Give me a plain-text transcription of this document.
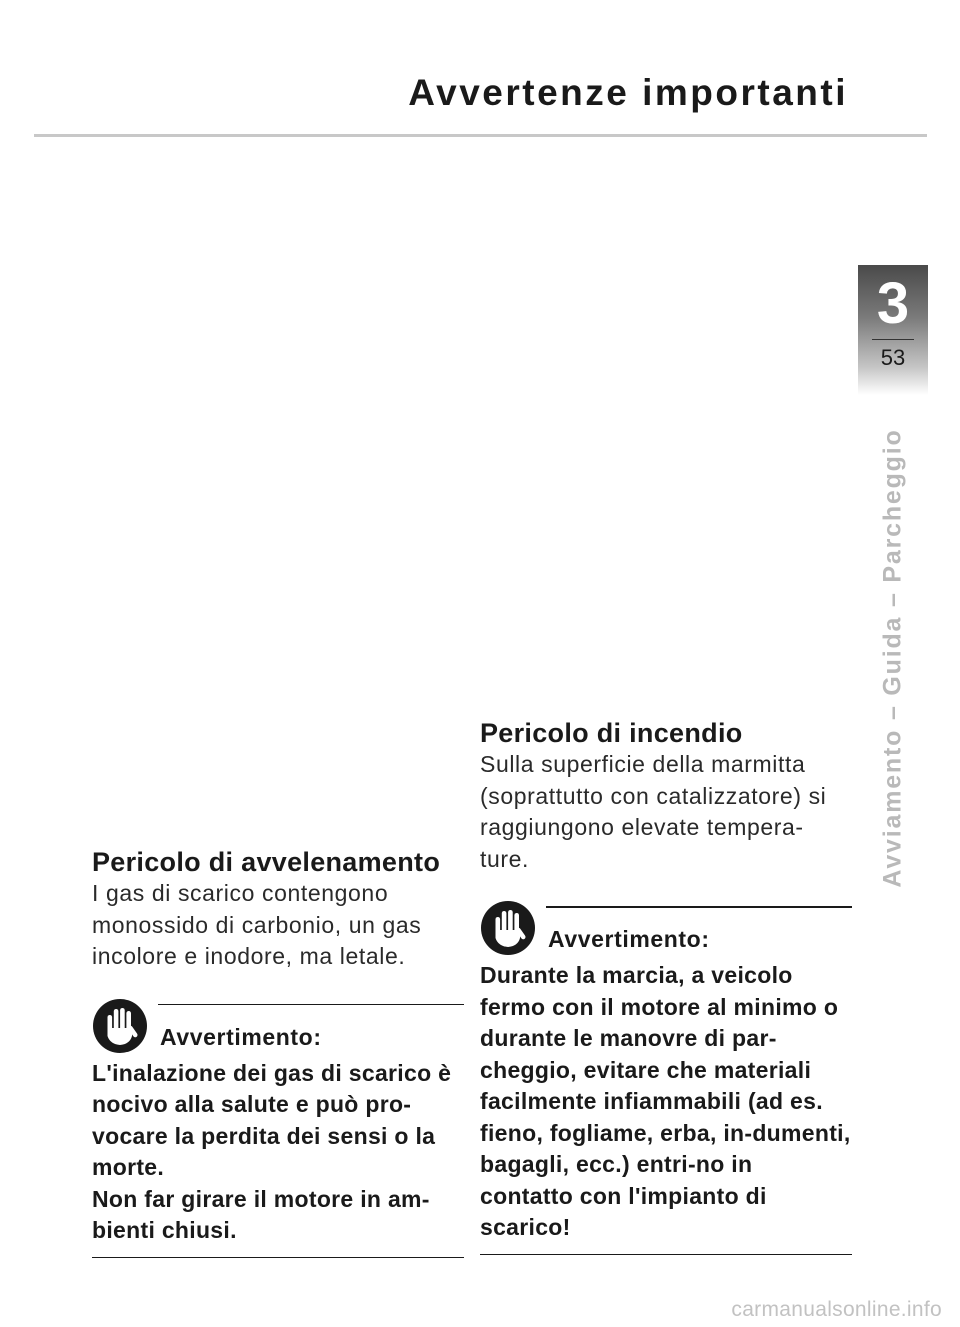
Avvertenze importanti
3
53
Avviamento – Guida – Parcheggio
Pericolo di avvelenamento

I gas di scarico contengono monossido di carbonio, un gas incolore e inodore, ma letale.

Avvertimento:
L'inalazione dei gas di scarico è nocivo alla salute e può pro-vocare la perdita dei sensi o la morte.
Non far girare il motore in am-bienti chiusi.
Pericolo di incendio

Sulla superficie della marmitta (soprattutto con catalizzatore) si raggiungono elevate tempera-ture.

Avvertimento:
Durante la marcia, a veicolo fermo con il motore al minimo o durante le manovre di par-cheggio, evitare che materiali facilmente infiammabili (ad es. fieno, fogliame, erba, in-dumenti, bagagli, ecc.) entri-no in contatto con l'impianto di scarico!
carmanualsonline.info
